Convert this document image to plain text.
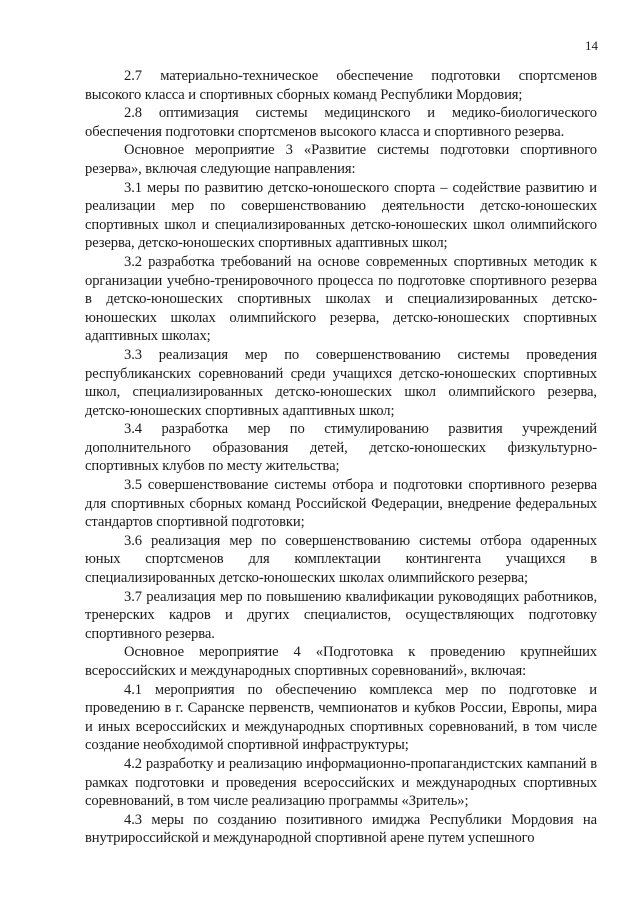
14

2.7 материально-техническое обеспечение подготовки спортсменов высокого класса и спортивных сборных команд Республики Мордовия;

2.8 оптимизация системы медицинского и медико-биологического обеспечения подготовки спортсменов высокого класса и спортивного резерва.

Основное мероприятие 3 «Развитие системы подготовки спортивного резерва», включая следующие направления:

3.1 меры по развитию детско-юношеского спорта – содействие развитию и реализации мер по совершенствованию деятельности детско-юношеских спортивных школ и специализированных детско-юношеских школ олимпийского резерва, детско-юношеских спортивных адаптивных школ;

3.2 разработка требований на основе современных спортивных методик к организации учебно-тренировочного процесса по подготовке спортивного резерва в детско-юношеских спортивных школах и специализированных детско-юношеских школах олимпийского резерва, детско-юношеских спортивных адаптивных школах;

3.3 реализация мер по совершенствованию системы проведения республиканских соревнований среди учащихся детско-юношеских спортивных школ, специализированных детско-юношеских школ олимпийского резерва, детско-юношеских спортивных адаптивных школ;

3.4 разработка мер по стимулированию развития учреждений дополнительного образования детей, детско-юношеских физкультурно-спортивных клубов по месту жительства;

3.5 совершенствование системы отбора и подготовки спортивного резерва для спортивных сборных команд Российской Федерации, внедрение федеральных стандартов спортивной подготовки;

3.6 реализация мер по совершенствованию системы отбора одаренных юных спортсменов для комплектации контингента учащихся в специализированных детско-юношеских школах олимпийского резерва;

3.7 реализация мер по повышению квалификации руководящих работников, тренерских кадров и других специалистов, осуществляющих подготовку спортивного резерва.

Основное мероприятие 4 «Подготовка к проведению крупнейших всероссийских и международных спортивных соревнований», включая:

4.1 мероприятия по обеспечению комплекса мер по подготовке и проведению в г. Саранске первенств, чемпионатов и кубков России, Европы, мира и иных всероссийских и международных спортивных соревнований, в том числе создание необходимой спортивной инфраструктуры;

4.2 разработку и реализацию информационно-пропагандистских кампаний в рамках подготовки и проведения всероссийских и международных спортивных соревнований, в том числе реализацию программы «Зритель»;

4.3 меры по созданию позитивного имиджа Республики Мордовия на внутрироссийской и международной спортивной арене путем успешного
